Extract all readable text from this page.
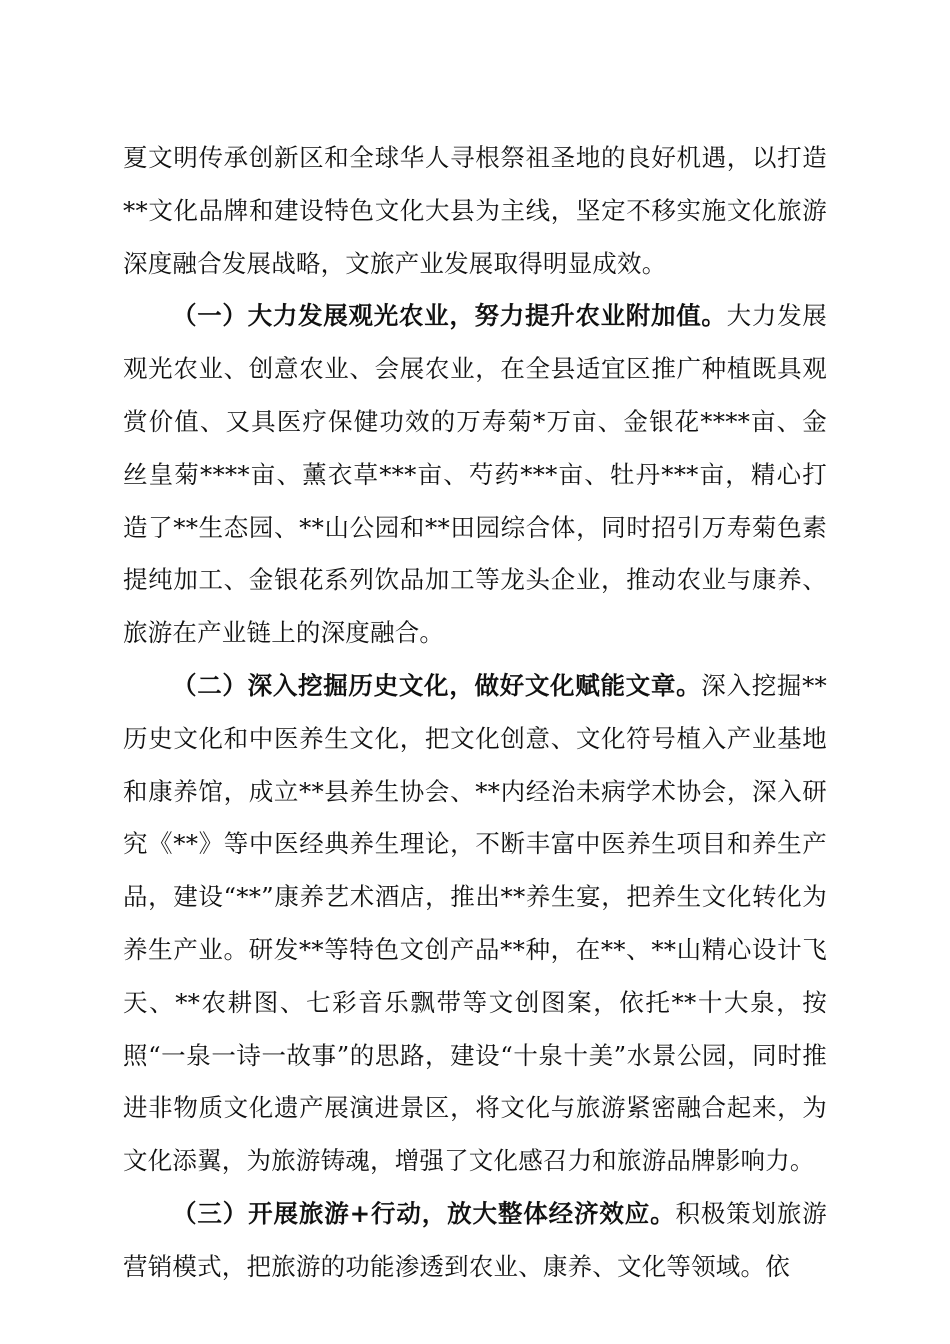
夏文明传承创新区和全球华人寻根祭祖圣地的良好机遇，以打造**文化品牌和建设特色文化大县为主线，坚定不移实施文化旅游深度融合发展战略，文旅产业发展取得明显成效。

（一）大力发展观光农业，努力提升农业附加值。大力发展观光农业、创意农业、会展农业，在全县适宜区推广种植既具观赏价值、又具医疗保健功效的万寿菊*万亩、金银花****亩、金丝皇菊****亩、薰衣草***亩、芍药***亩、牡丹***亩，精心打造了**生态园、**山公园和**田园综合体，同时招引万寿菊色素提纯加工、金银花系列饮品加工等龙头企业，推动农业与康养、旅游在产业链上的深度融合。

（二）深入挖掘历史文化，做好文化赋能文章。深入挖掘**历史文化和中医养生文化，把文化创意、文化符号植入产业基地和康养馆，成立**县养生协会、**内经治未病学术协会，深入研究《**》等中医经典养生理论，不断丰富中医养生项目和养生产品，建设“**”康养艺术酒店，推出**养生宴，把养生文化转化为养生产业。研发**等特色文创产品**种，在**、**山精心设计飞天、**农耕图、七彩音乐飘带等文创图案，依托**十大泉，按照“一泉一诗一故事”的思路，建设“十泉十美”水景公园，同时推进非物质文化遗产展演进景区，将文化与旅游紧密融合起来，为文化添翼，为旅游铸魂，增强了文化感召力和旅游品牌影响力。

（三）开展旅游+行动，放大整体经济效应。积极策划旅游营销模式，把旅游的功能渗透到农业、康养、文化等领域。依
